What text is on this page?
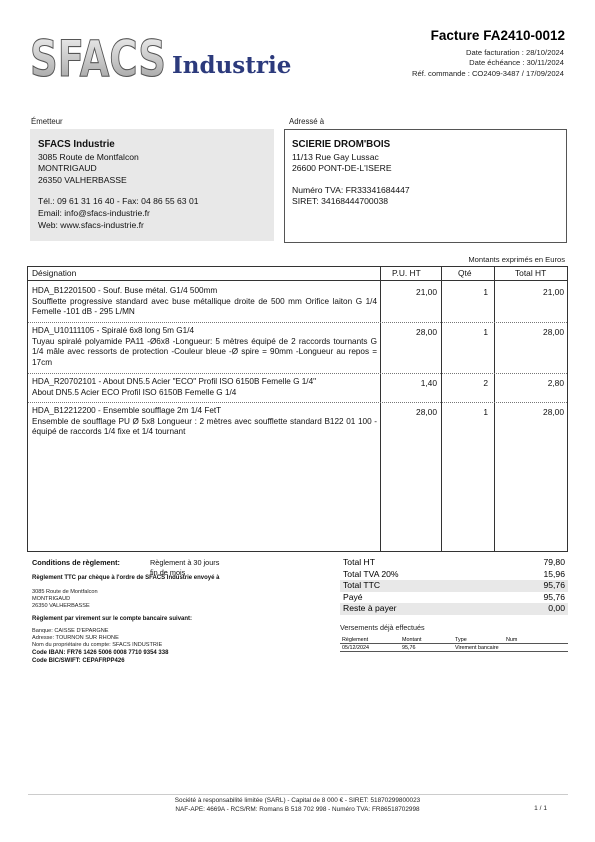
SFACS Industrie
Facture FA2410-0012
Date facturation : 28/10/2024
Date échéance : 30/11/2024
Réf. commande : CO2409-3487 / 17/09/2024
Émetteur
SFACS Industrie
3085 Route de Montfalcon
MONTRIGAUD
26350 VALHERBASSE
Tél.: 09 61 31 16 40 - Fax: 04 86 55 63 01
Email: info@sfacs-industrie.fr
Web: www.sfacs-industrie.fr
Adressé à
SCIERIE DROM'BOIS
11/13 Rue Gay Lussac
26600 PONT-DE-L'ISERE
Numéro TVA: FR33341684447
SIRET: 34168444700038
Montants exprimés en Euros
Désignation	P.U. HT	Qté	Total HT
HDA_B12201500 - Souf. Buse métal. G1/4 500mm
Soufflette progressive standard avec buse métallique droite de 500 mm Orifice laiton G 1/4 Femelle -101 dB - 295 L/MN
21,00	1	21,00
HDA_U10111105 - Spiralé 6x8 long 5m G1/4
Tuyau spiralé polyamide PA11 -Ø6x8 -Longueur: 5 mètres équipé de 2 raccords tournants G 1/4 mâle avec ressorts de protection -Couleur bleue -Ø spire = 90mm -Longueur au repos = 17cm
28,00	1	28,00
HDA_R20702101 - About DN5.5 Acier "ECO" Profil ISO 6150B Femelle G 1/4"
About DN5.5 Acier ECO Profil ISO 6150B Femelle G 1/4
1,40	2	2,80
HDA_B12212200 - Ensemble soufflage 2m 1/4 FetT
Ensemble de soufflage PU Ø 5x8 Longueur : 2 mètres avec soufflette standard B122 01 100 - équipé de raccords 1/4 fixe et 1/4 tournant
28,00	1	28,00
Conditions de règlement:	Règlement à 30 jours fin de mois
Règlement TTC par chèque à l'ordre de SFACS Industrie envoyé à
3085 Route de Montfalcon
MONTRIGAUD
26350 VALHERBASSE
Règlement par virement sur le compte bancaire suivant:
Banque: CAISSE D'EPARGNE
Adresse: TOURNON SUR RHONE
Nom du propriétaire du compte: SFACS INDUSTRIE
Code IBAN: FR76 1426 5006 0008 7710 9354 338
Code BIC/SWIFT: CEPAFRPP426
Total HT	79,80
Total TVA 20%	15,96
Total TTC	95,76
Payé	95,76
Reste à payer	0,00
Versements déjà effectués
Règlement	Montant	Type	Num
05/12/2024	95,76	Virement bancaire
Société à responsabilité limitée (SARL) - Capital de 8 000 € - SIRET: 51870299800023
NAF-APE: 4669A - RCS/RM: Romans B 518 702 998 - Numéro TVA: FR86518702998	1 / 1
